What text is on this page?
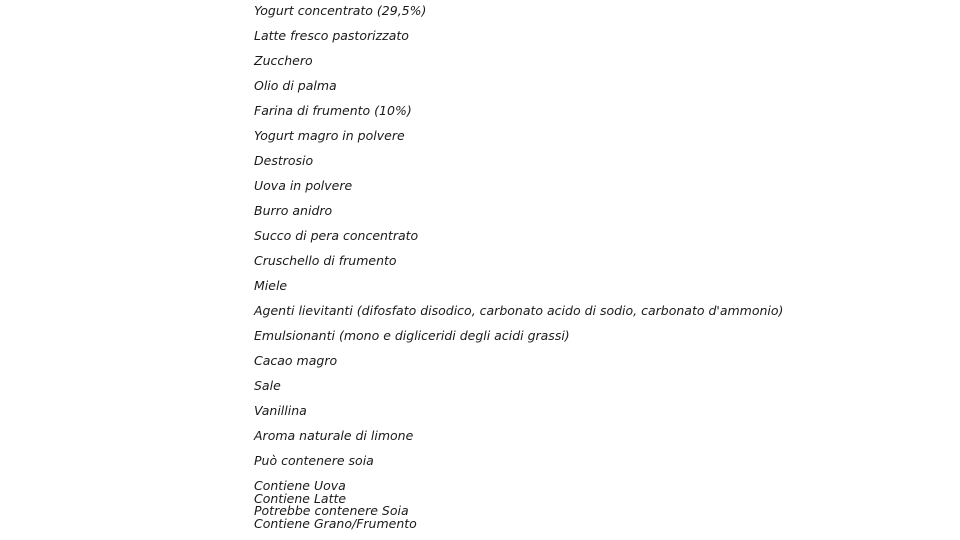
Yogurt concentrato (29,5%)
Latte fresco pastorizzato
Zucchero
Olio di palma
Farina di frumento (10%)
Yogurt magro in polvere
Destrosio
Uova in polvere
Burro anidro
Succo di pera concentrato
Cruschello di frumento
Miele
Agenti lievitanti (difosfato disodico, carbonato acido di sodio, carbonato d'ammonio)
Emulsionanti (mono e digliceridi degli acidi grassi)
Cacao magro
Sale
Vanillina
Aroma naturale di limone
Può contenere soia
Contiene Uova
Contiene Latte
Potrebbe contenere Soia
Contiene Grano/Frumento
